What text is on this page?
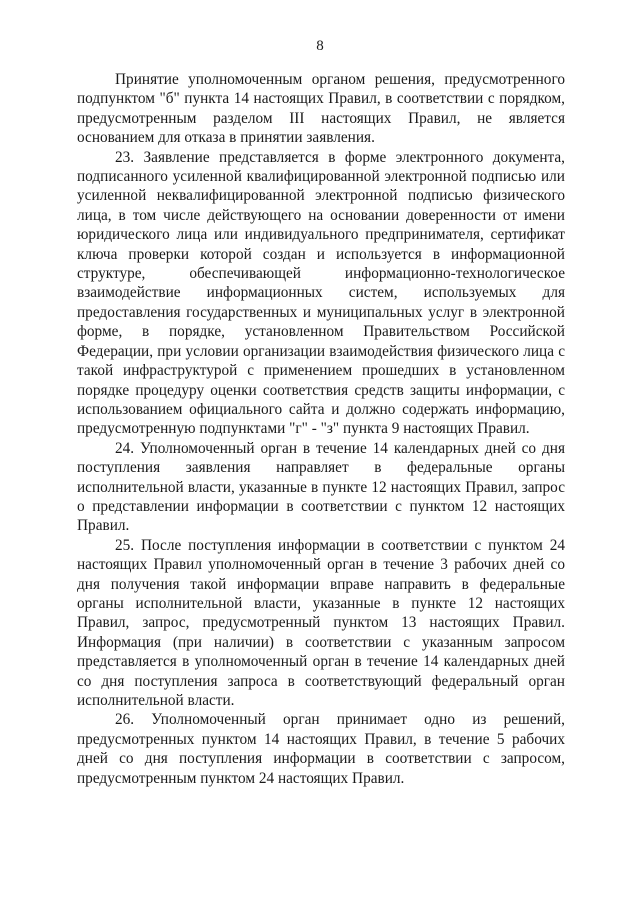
8

Принятие уполномоченным органом решения, предусмотренного подпунктом "б" пункта 14 настоящих Правил, в соответствии с порядком, предусмотренным разделом III настоящих Правил, не является основанием для отказа в принятии заявления.

23. Заявление представляется в форме электронного документа, подписанного усиленной квалифицированной электронной подписью или усиленной неквалифицированной электронной подписью физического лица, в том числе действующего на основании доверенности от имени юридического лица или индивидуального предпринимателя, сертификат ключа проверки которой создан и используется в информационной структуре, обеспечивающей информационно-технологическое взаимодействие информационных систем, используемых для предоставления государственных и муниципальных услуг в электронной форме, в порядке, установленном Правительством Российской Федерации, при условии организации взаимодействия физического лица с такой инфраструктурой с применением прошедших в установленном порядке процедуру оценки соответствия средств защиты информации, с использованием официального сайта и должно содержать информацию, предусмотренную подпунктами "г" - "з" пункта 9 настоящих Правил.

24. Уполномоченный орган в течение 14 календарных дней со дня поступления заявления направляет в федеральные органы исполнительной власти, указанные в пункте 12 настоящих Правил, запрос о представлении информации в соответствии с пунктом 12 настоящих Правил.

25. После поступления информации в соответствии с пунктом 24 настоящих Правил уполномоченный орган в течение 3 рабочих дней со дня получения такой информации вправе направить в федеральные органы исполнительной власти, указанные в пункте 12 настоящих Правил, запрос, предусмотренный пунктом 13 настоящих Правил. Информация (при наличии) в соответствии с указанным запросом представляется в уполномоченный орган в течение 14 календарных дней со дня поступления запроса в соответствующий федеральный орган исполнительной власти.

26. Уполномоченный орган принимает одно из решений, предусмотренных пунктом 14 настоящих Правил, в течение 5 рабочих дней со дня поступления информации в соответствии с запросом, предусмотренным пунктом 24 настоящих Правил.
